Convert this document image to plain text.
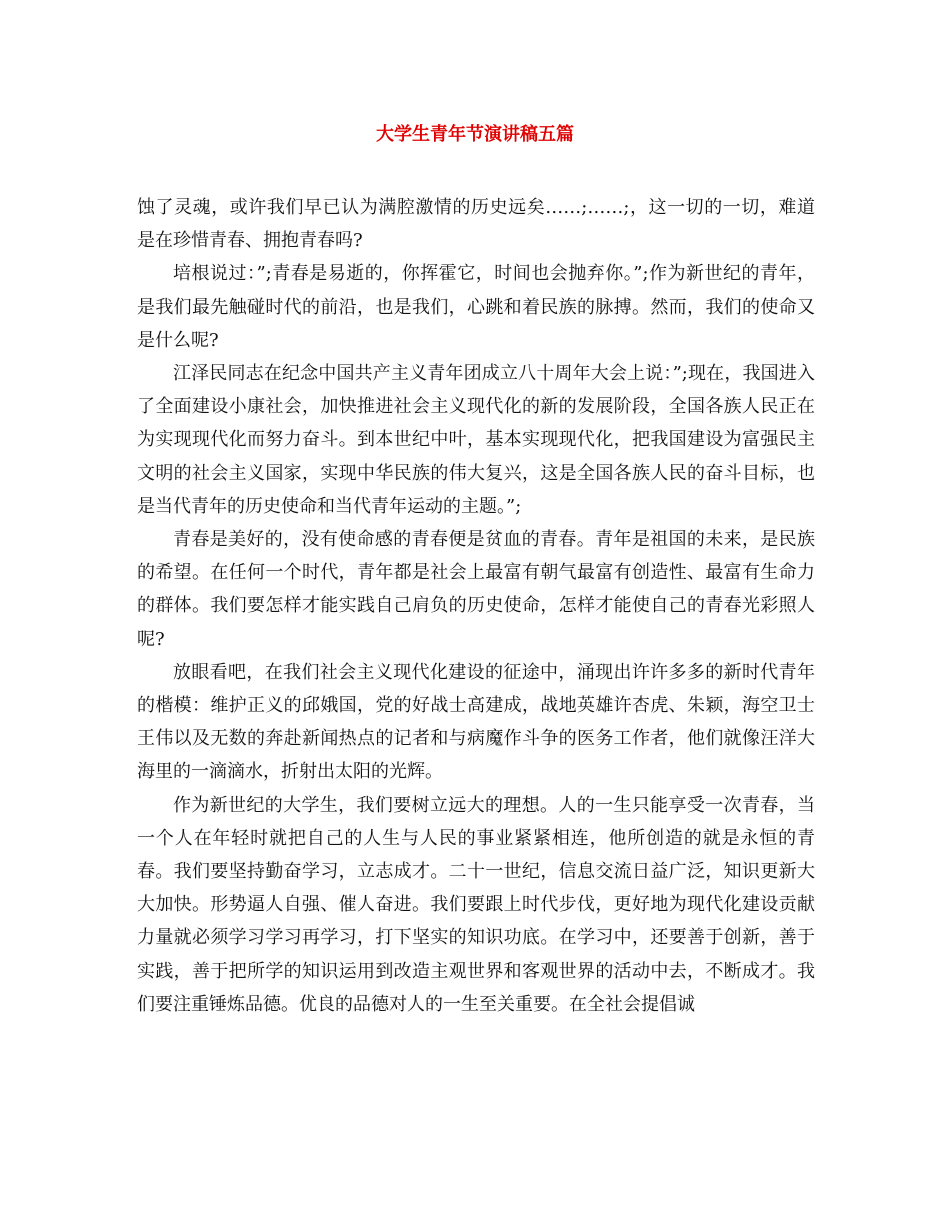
大学生青年节演讲稿五篇

蚀了灵魂，或许我们早已认为满腔激情的历史远矣……;……;，这一切的一切，难道是在珍惜青春、拥抱青春吗?

培根说过：”;青春是易逝的，你挥霍它，时间也会抛弃你。”;作为新世纪的青年，是我们最先触碰时代的前沿，也是我们，心跳和着民族的脉搏。然而，我们的使命又是什么呢?

江泽民同志在纪念中国共产主义青年团成立八十周年大会上说：”;现在，我国进入了全面建设小康社会，加快推进社会主义现代化的新的发展阶段，全国各族人民正在为实现现代化而努力奋斗。到本世纪中叶，基本实现现代化，把我国建设为富强民主文明的社会主义国家，实现中华民族的伟大复兴，这是全国各族人民的奋斗目标，也是当代青年的历史使命和当代青年运动的主题。”;

青春是美好的，没有使命感的青春便是贫血的青春。青年是祖国的未来，是民族的希望。在任何一个时代，青年都是社会上最富有朝气最富有创造性、最富有生命力的群体。我们要怎样才能实践自己肩负的历史使命，怎样才能使自己的青春光彩照人呢?

放眼看吧，在我们社会主义现代化建设的征途中，涌现出许许多多的新时代青年的楷模：维护正义的邱娥国，党的好战士高建成，战地英雄许杏虎、朱颖，海空卫士王伟以及无数的奔赴新闻热点的记者和与病魔作斗争的医务工作者，他们就像汪洋大海里的一滴滴水，折射出太阳的光辉。

作为新世纪的大学生，我们要树立远大的理想。人的一生只能享受一次青春，当一个人在年轻时就把自己的人生与人民的事业紧紧相连，他所创造的就是永恒的青春。我们要坚持勤奋学习，立志成才。二十一世纪，信息交流日益广泛，知识更新大大加快。形势逼人自强、催人奋进。我们要跟上时代步伐，更好地为现代化建设贡献力量就必须学习学习再学习，打下坚实的知识功底。在学习中，还要善于创新，善于实践，善于把所学的知识运用到改造主观世界和客观世界的活动中去，不断成才。我们要注重锤炼品德。优良的品德对人的一生至关重要。在全社会提倡诚
